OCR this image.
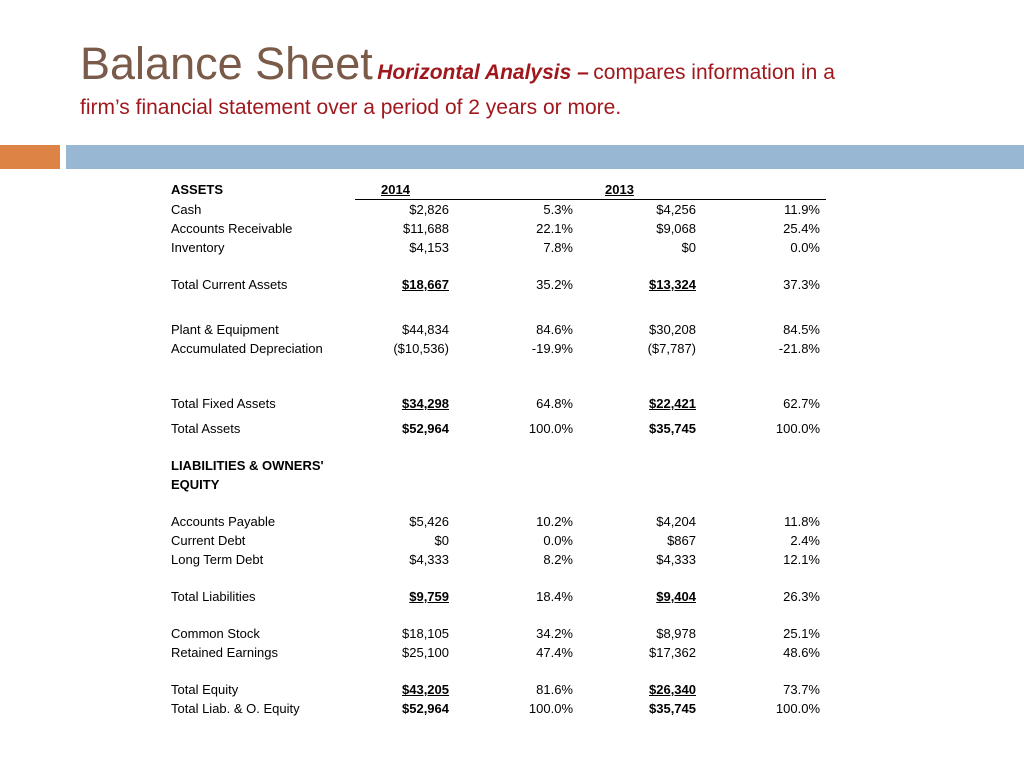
Balance Sheet Horizontal Analysis – compares information in a
firm’s financial statement over a period of 2 years or more.
ASSETS	2014		2013	
Cash	$2,826	5.3%	$4,256	11.9%
Accounts Receivable	$11,688	22.1%	$9,068	25.4%
Inventory	$4,153	7.8%	$0	0.0%

Total Current Assets	$18,667	35.2%	$13,324	37.3%

Plant & Equipment	$44,834	84.6%	$30,208	84.5%
Accumulated Depreciation	($10,536)	-19.9%	($7,787)	-21.8%

Total Fixed Assets	$34,298	64.8%	$22,421	62.7%

Total Assets	$52,964	100.0%	$35,745	100.0%

LIABILITIES & OWNERS' EQUITY				

Accounts Payable	$5,426	10.2%	$4,204	11.8%
Current Debt	$0	0.0%	$867	2.4%
Long Term Debt	$4,333	8.2%	$4,333	12.1%

Total Liabilities	$9,759	18.4%	$9,404	26.3%

Common Stock	$18,105	34.2%	$8,978	25.1%
Retained Earnings	$25,100	47.4%	$17,362	48.6%

Total Equity	$43,205	81.6%	$26,340	73.7%
Total Liab. & O. Equity	$52,964	100.0%	$35,745	100.0%
